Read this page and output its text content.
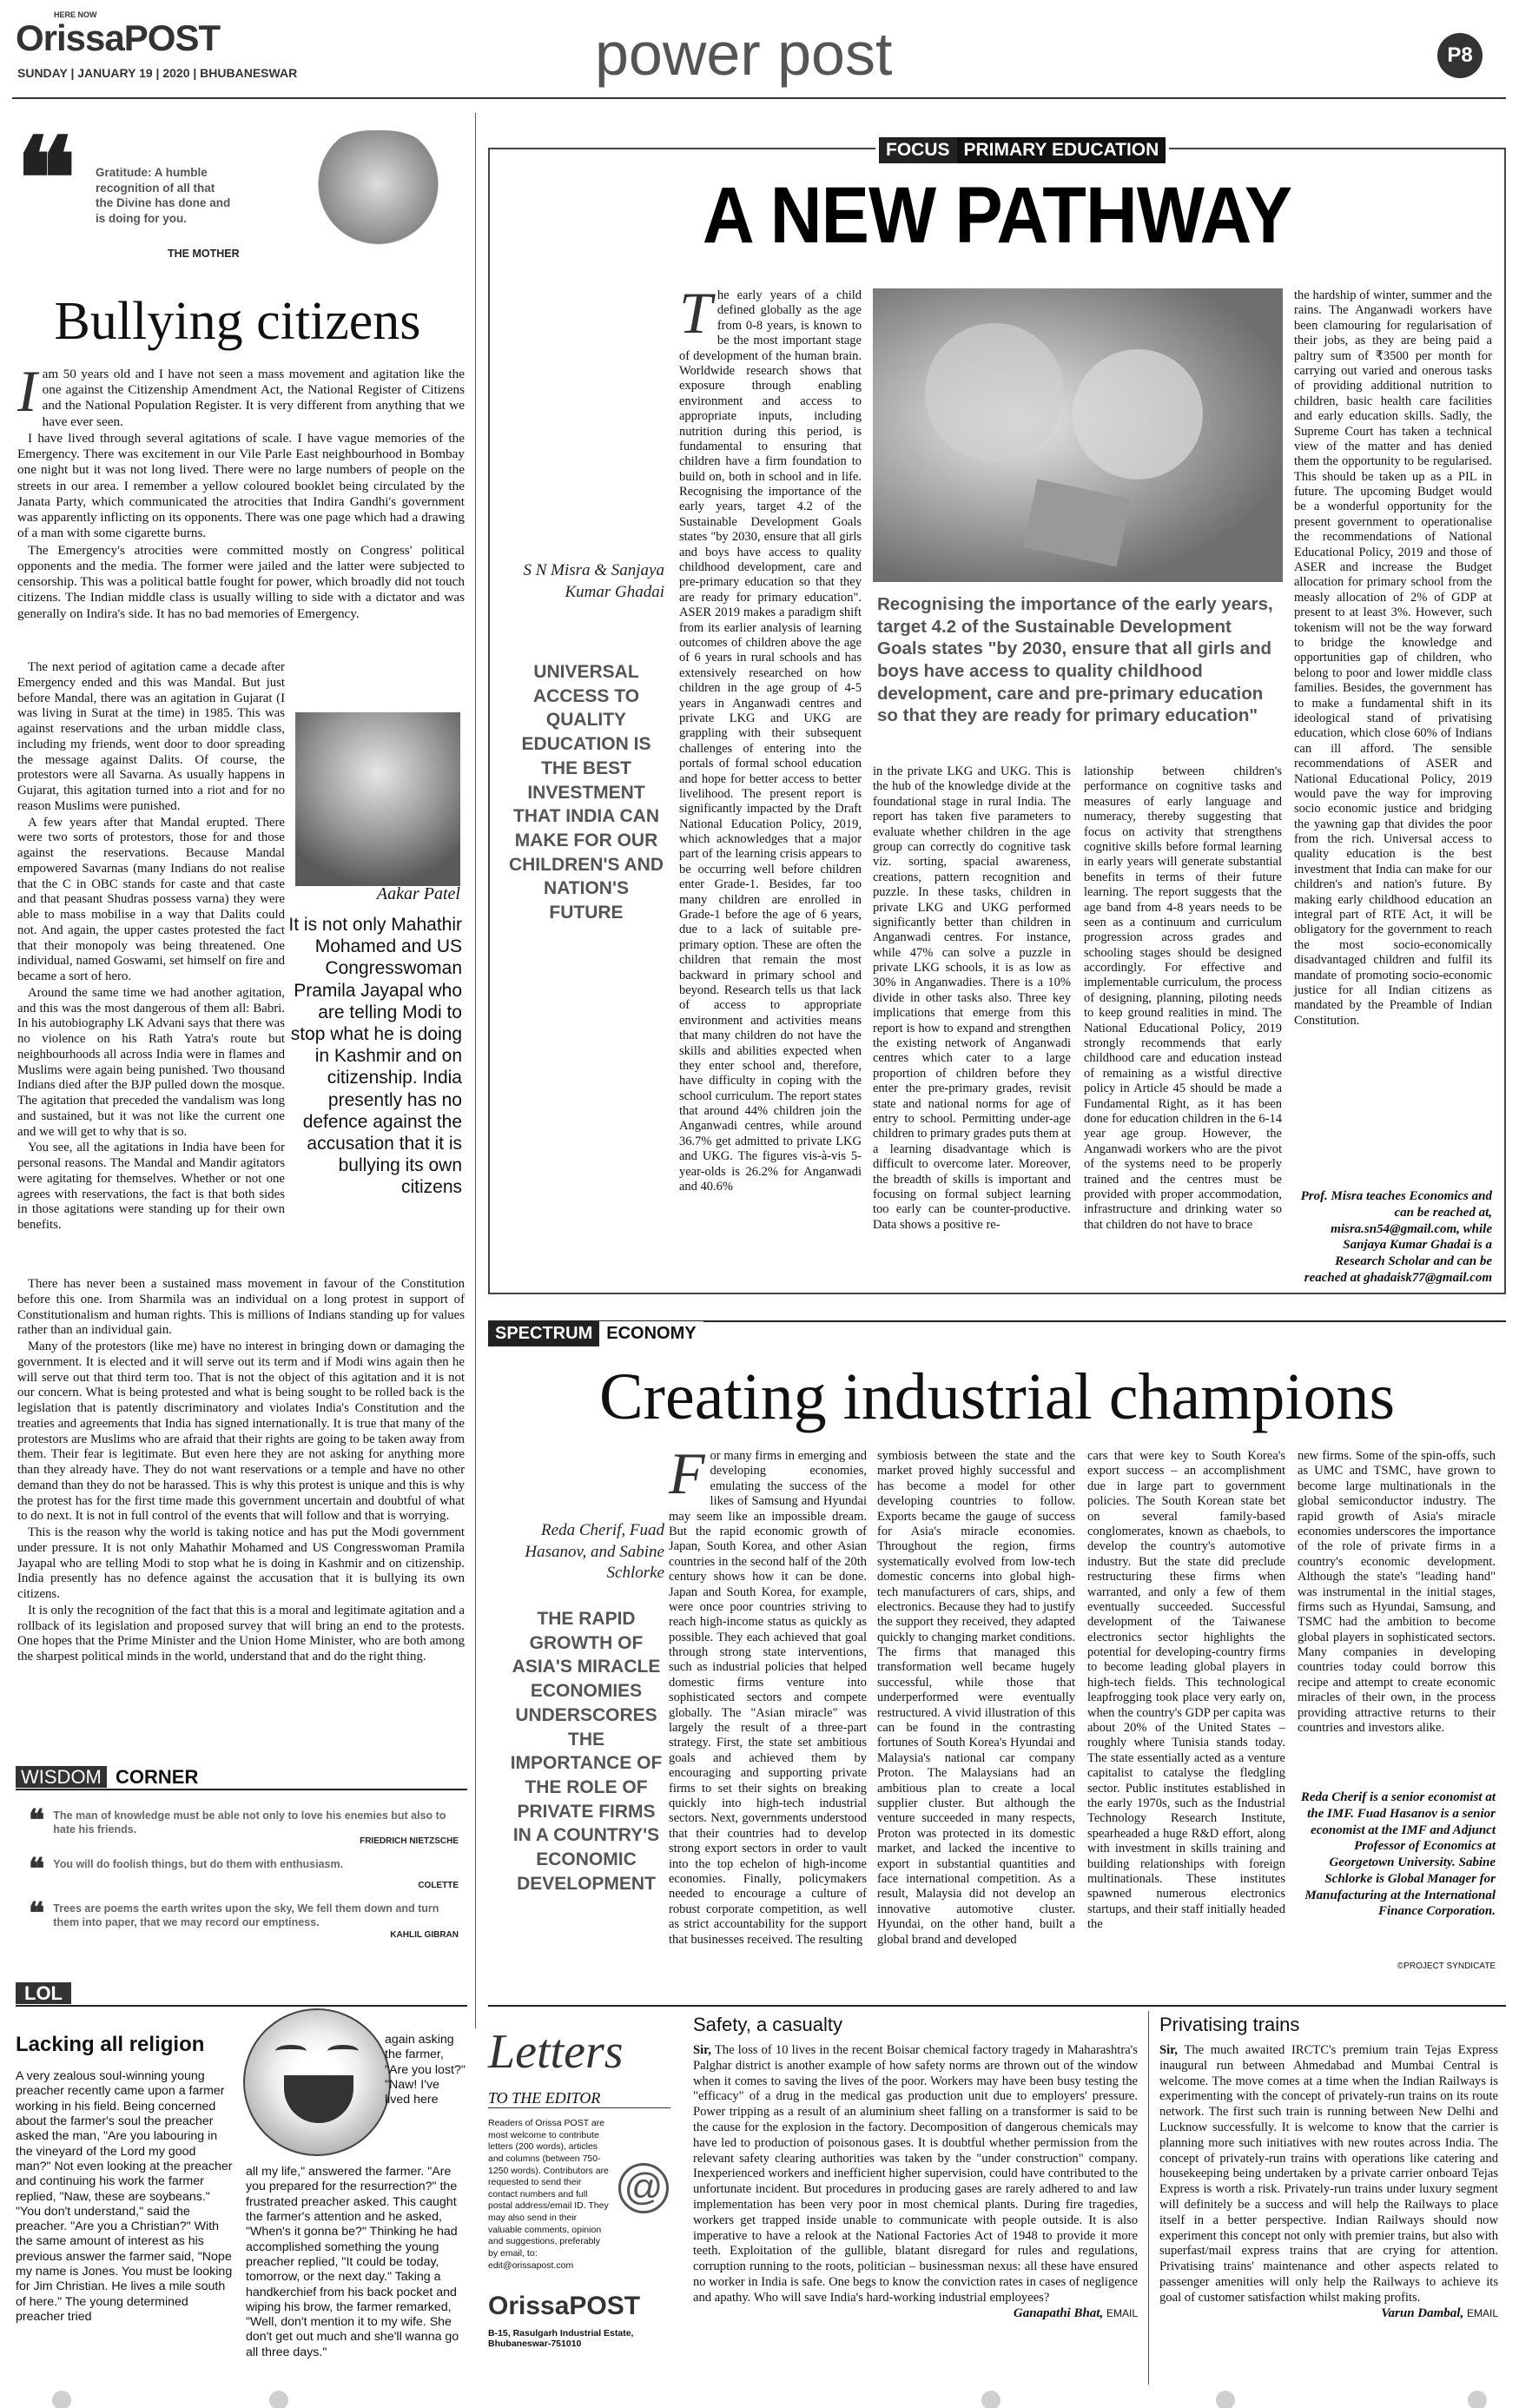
HERE NOW
OrissaPOST
SUNDAY | JANUARY 19 | 2020 | BHUBANESWAR	power post	P8
❝ Gratitude: A humble recognition of all that the Divine has done and is doing for you.
THE MOTHER
Bullying citizens

Iam 50 years old and I have not seen a mass movement and agitation like the one against the Citizenship Amendment Act, the National Register of Citizens and the National Population Register. It is very different from anything that we have ever seen.

I have lived through several agitations of scale. I have vague memories of the Emergency. There was excitement in our Vile Parle East neighbourhood in Bombay one night but it was not long lived. There were no large numbers of people on the streets in our area. I remember a yellow coloured booklet being circulated by the Janata Party, which communicated the atrocities that Indira Gandhi's government was apparently inflicting on its opponents. There was one page which had a drawing of a man with some cigarette burns.

The Emergency's atrocities were committed mostly on Congress' political opponents and the media. The former were jailed and the latter were subjected to censorship. This was a political battle fought for power, which broadly did not touch citizens. The Indian middle class is usually willing to side with a dictator and was generally on Indira's side. It has no bad memories of Emergency.

The next period of agitation came a decade after Emergency ended and this was Mandal. But just before Mandal, there was an agitation in Gujarat (I was living in Surat at the time) in 1985. This was against reservations and the urban middle class, including my friends, went door to door spreading the message against Dalits. Of course, the protestors were all Savarna. As usually happens in Gujarat, this agitation turned into a riot and for no reason Muslims were punished.

A few years after that Mandal erupted. There were two sorts of protestors, those for and those against the reservations. Because Mandal empowered Savarnas (many Indians do not realise that the C in OBC stands for caste and that caste and that peasant Shudras possess varna) they were able to mass mobilise in a way that Dalits could not. And again, the upper castes protested the fact that their monopoly was being threatened. One individual, named Goswami, set himself on fire and became a sort of hero.

Around the same time we had another agitation, and this was the most dangerous of them all: Babri. In his autobiography LK Advani says that there was no violence on his Rath Yatra's route but neighbourhoods all across India were in flames and Muslims were again being punished. Two thousand Indians died after the BJP pulled down the mosque. The agitation that preceded the vandalism was long and sustained, but it was not like the current one and we will get to why that is so.

You see, all the agitations in India have been for personal reasons. The Mandal and Mandir agitators were agitating for themselves. Whether or not one agrees with reservations, the fact is that both sides in those agitations were standing up for their own benefits.

Aakar Patel
It is not only Mahathir Mohamed and US Congresswoman Pramila Jayapal who are telling Modi to stop what he is doing in Kashmir and on citizenship. India presently has no defence against the accusation that it is bullying its own citizens

There has never been a sustained mass movement in favour of the Constitution before this one. Irom Sharmila was an individual on a long protest in support of Constitutionalism and human rights. This is millions of Indians standing up for values rather than an individual gain.

Many of the protestors (like me) have no interest in bringing down or damaging the government. It is elected and it will serve out its term and if Modi wins again then he will serve out that third term too. That is not the object of this agitation and it is not our concern. What is being protested and what is being sought to be rolled back is the legislation that is patently discriminatory and violates India's Constitution and the treaties and agreements that India has signed internationally. It is true that many of the protestors are Muslims who are afraid that their rights are going to be taken away from them. Their fear is legitimate. But even here they are not asking for anything more than they already have. They do not want reservations or a temple and have no other demand than they do not be harassed. This is why this protest is unique and this is why the protest has for the first time made this government uncertain and doubtful of what to do next. It is not in full control of the events that will follow and that is worrying.

This is the reason why the world is taking notice and has put the Modi government under pressure. It is not only Mahathir Mohamed and US Congresswoman Pramila Jayapal who are telling Modi to stop what he is doing in Kashmir and on citizenship. India presently has no defence against the accusation that it is bullying its own citizens.

It is only the recognition of the fact that this is a moral and legitimate agitation and a rollback of its legislation and proposed survey that will bring an end to the protests. One hopes that the Prime Minister and the Union Home Minister, who are both among the sharpest political minds in the world, understand that and do the right thing.

WISDOM CORNER
❝ The man of knowledge must be able not only to love his enemies but also to hate his friends.
FRIEDRICH NIETZSCHE
❝ You will do foolish things, but do them with enthusiasm.
COLETTE
❝ Trees are poems the earth writes upon the sky, We fell them down and turn them into paper, that we may record our emptiness.
KAHLIL GIBRAN
LOL
Lacking all religion
A very zealous soul-winning young preacher recently came upon a farmer working in his field. Being concerned about the farmer's soul the preacher asked the man, "Are you labouring in the vineyard of the Lord my good man?" Not even looking at the preacher and continuing his work the farmer replied, "Naw, these are soybeans." "You don't understand," said the preacher. "Are you a Christian?" With the same amount of interest as his previous answer the farmer said, "Nope my name is Jones. You must be looking for Jim Christian. He lives a mile south of here." The young determined preacher tried
again asking the farmer, "Are you lost?" "Naw! I've lived here
all my life," answered the farmer. "Are you prepared for the resurrection?" the frustrated preacher asked. This caught the farmer's attention and he asked, "When's it gonna be?" Thinking he had accomplished something the young preacher replied, "It could be today, tomorrow, or the next day." Taking a handkerchief from his back pocket and wiping his brow, the farmer remarked, "Well, don't mention it to my wife. She don't get out much and she'll wanna go all three days."
FOCUS PRIMARY EDUCATION
A NEW PATHWAY
S N Misra & Sanjaya Kumar Ghadai
UNIVERSAL ACCESS TO QUALITY EDUCATION IS THE BEST INVESTMENT THAT INDIA CAN MAKE FOR OUR CHILDREN'S AND NATION'S FUTURE

The early years of a child defined globally as the age from 0-8 years, is known to be the most important stage of development of the human brain. Worldwide research shows that exposure through enabling environment and access to appropriate inputs, including nutrition during this period, is fundamental to ensuring that children have a firm foundation to build on, both in school and in life. Recognising the importance of the early years, target 4.2 of the Sustainable Development Goals states "by 2030, ensure that all girls and boys have access to quality childhood development, care and pre-primary education so that they are ready for primary education". ASER 2019 makes a paradigm shift from its earlier analysis of learning outcomes of children above the age of 6 years in rural schools and has extensively researched on how children in the age group of 4-5 years in Anganwadi centres and private LKG and UKG are grappling with their subsequent challenges of entering into the portals of formal school education and hope for better access to better livelihood. The present report is significantly impacted by the Draft National Education Policy, 2019, which acknowledges that a major part of the learning crisis appears to be occurring well before children enter Grade-1. Besides, far too many children are enrolled in Grade-1 before the age of 6 years, due to a lack of suitable pre-primary option. These are often the children that remain the most backward in primary school and beyond. Research tells us that lack of access to appropriate environment and activities means that many children do not have the skills and abilities expected when they enter school and, therefore, have difficulty in coping with the school curriculum. The report states that around 44% children join the Anganwadi centres, while around 36.7% get admitted to private LKG and UKG. The figures vis-à-vis 5-year-olds is 26.2% for Anganwadi and 40.6%

Recognising the importance of the early years, target 4.2 of the Sustainable Development Goals states "by 2030, ensure that all girls and boys have access to quality childhood development, care and pre-primary education so that they are ready for primary education"
in the private LKG and UKG. This is the hub of the knowledge divide at the foundational stage in rural India. The report has taken five parameters to evaluate whether children in the age group can correctly do cognitive task viz. sorting, spacial awareness, creations, pattern recognition and puzzle. In these tasks, children in private LKG and UKG performed significantly better than children in Anganwadi centres. For instance, while 47% can solve a puzzle in private LKG schools, it is as low as 30% in Anganwadies. There is a 10% divide in other tasks also. Three key implications that emerge from this report is how to expand and strengthen the existing network of Anganwadi centres which cater to a large proportion of children before they enter the pre-primary grades, revisit state and national norms for age of entry to school. Permitting under-age children to primary grades puts them at a learning disadvantage which is difficult to overcome later. Moreover, the breadth of skills is important and focusing on formal subject learning too early can be counter-productive. Data shows a positive re-
lationship between children's performance on cognitive tasks and measures of early language and numeracy, thereby suggesting that focus on activity that strengthens cognitive skills before formal learning in early years will generate substantial benefits in terms of their future learning. The report suggests that the age band from 4-8 years needs to be seen as a continuum and curriculum progression across grades and schooling stages should be designed accordingly. For effective and implementable curriculum, the process of designing, planning, piloting needs to keep ground realities in mind. The National Educational Policy, 2019 strongly recommends that early childhood care and education instead of remaining as a wistful directive policy in Article 45 should be made a Fundamental Right, as it has been done for education children in the 6-14 year age group. However, the Anganwadi workers who are the pivot of the systems need to be properly trained and the centres must be provided with proper accommodation, infrastructure and drinking water so that children do not have to brace
the hardship of winter, summer and the rains. The Anganwadi workers have been clamouring for regularisation of their jobs, as they are being paid a paltry sum of ₹3500 per month for carrying out varied and onerous tasks of providing additional nutrition to children, basic health care facilities and early education skills. Sadly, the Supreme Court has taken a technical view of the matter and has denied them the opportunity to be regularised. This should be taken up as a PIL in future. The upcoming Budget would be a wonderful opportunity for the present government to operationalise the recommendations of National Educational Policy, 2019 and those of ASER and increase the Budget allocation for primary school from the measly allocation of 2% of GDP at present to at least 3%. However, such tokenism will not be the way forward to bridge the knowledge and opportunities gap of children, who belong to poor and lower middle class families. Besides, the government has to make a fundamental shift in its ideological stand of privatising education, which close 60% of Indians can ill afford. The sensible recommendations of ASER and National Educational Policy, 2019 would pave the way for improving socio economic justice and bridging the yawning gap that divides the poor from the rich. Universal access to quality education is the best investment that India can make for our children's and nation's future. By making early childhood education an integral part of RTE Act, it will be obligatory for the government to reach the most socio-economically disadvantaged children and fulfil its mandate of promoting socio-economic justice for all Indian citizens as mandated by the Preamble of Indian Constitution.
Prof. Misra teaches Economics and can be reached at, misra.sn54@gmail.com, while Sanjaya Kumar Ghadai is a Research Scholar and can be reached at ghadaisk77@gmail.com
SPECTRUM ECONOMY
Creating industrial champions
Reda Cherif, Fuad Hasanov, and Sabine Schlorke
THE RAPID GROWTH OF ASIA'S MIRACLE ECONOMIES UNDERSCORES THE IMPORTANCE OF THE ROLE OF PRIVATE FIRMS IN A COUNTRY'S ECONOMIC DEVELOPMENT

For many firms in emerging and developing economies, emulating the success of the likes of Samsung and Hyundai may seem like an impossible dream. But the rapid economic growth of Japan, South Korea, and other Asian countries in the second half of the 20th century shows how it can be done. Japan and South Korea, for example, were once poor countries striving to reach high-income status as quickly as possible. They each achieved that goal through strong state interventions, such as industrial policies that helped domestic firms venture into sophisticated sectors and compete globally. The "Asian miracle" was largely the result of a three-part strategy. First, the state set ambitious goals and achieved them by encouraging and supporting private firms to set their sights on breaking quickly into high-tech industrial sectors. Next, governments understood that their countries had to develop strong export sectors in order to vault into the top echelon of high-income economies. Finally, policymakers needed to encourage a culture of robust corporate competition, as well as strict accountability for the support that businesses received. The resulting

symbiosis between the state and the market proved highly successful and has become a model for other developing countries to follow. Exports became the gauge of success for Asia's miracle economies. Throughout the region, firms systematically evolved from low-tech domestic concerns into global high-tech manufacturers of cars, ships, and electronics. Because they had to justify the support they received, they adapted quickly to changing market conditions. The firms that managed this transformation well became hugely successful, while those that underperformed were eventually restructured. A vivid illustration of this can be found in the contrasting fortunes of South Korea's Hyundai and Malaysia's national car company Proton. The Malaysians had an ambitious plan to create a local supplier cluster. But although the venture succeeded in many respects, Proton was protected in its domestic market, and lacked the incentive to export in substantial quantities and face international competition. As a result, Malaysia did not develop an innovative automotive cluster. Hyundai, on the other hand, built a global brand and developed
cars that were key to South Korea's export success – an accomplishment due in large part to government policies. The South Korean state bet on several family-based conglomerates, known as chaebols, to develop the country's automotive industry. But the state did preclude restructuring these firms when warranted, and only a few of them eventually succeeded. Successful development of the Taiwanese electronics sector highlights the potential for developing-country firms to become leading global players in high-tech fields. This technological leapfrogging took place very early on, when the country's GDP per capita was about 20% of the United States – roughly where Tunisia stands today. The state essentially acted as a venture capitalist to catalyse the fledgling sector. Public institutes established in the early 1970s, such as the Industrial Technology Research Institute, spearheaded a huge R&D effort, along with investment in skills training and building relationships with foreign multinationals. These institutes spawned numerous electronics startups, and their staff initially headed the
new firms. Some of the spin-offs, such as UMC and TSMC, have grown to become large multinationals in the global semiconductor industry. The rapid growth of Asia's miracle economies underscores the importance of the role of private firms in a country's economic development. Although the state's "leading hand" was instrumental in the initial stages, firms such as Hyundai, Samsung, and TSMC had the ambition to become global players in sophisticated sectors. Many companies in developing countries today could borrow this recipe and attempt to create economic miracles of their own, in the process providing attractive returns to their countries and investors alike.
Reda Cherif is a senior economist at the IMF. Fuad Hasanov is a senior economist at the IMF and Adjunct Professor of Economics at Georgetown University. Sabine Schlorke is Global Manager for Manufacturing at the International Finance Corporation.
©PROJECT SYNDICATE
Letters
TO THE EDITOR
Readers of Orissa POST are most welcome to contribute letters (200 words), articles and columns (between 750-1250 words). Contributors are requested to send their contact numbers and full postal address/email ID. They may also send in their valuable comments, opinion and suggestions, preferably by email, to: edit@orissapost.com
@
OrissaPOST
B-15, Rasulgarh Industrial Estate, Bhubaneswar-751010
Safety, a casualty
Sir, The loss of 10 lives in the recent Boisar chemical factory tragedy in Maharashtra's Palghar district is another example of how safety norms are thrown out of the window when it comes to saving the lives of the poor. Workers may have been busy testing the "efficacy" of a drug in the medical gas production unit due to employers' pressure. Power tripping as a result of an aluminium sheet falling on a transformer is said to be the cause for the explosion in the factory. Decomposition of dangerous chemicals may have led to production of poisonous gases. It is doubtful whether permission from the relevant safety clearing authorities was taken by the "under construction" company. Inexperienced workers and inefficient higher supervision, could have contributed to the unfortunate incident. But procedures in producing gases are rarely adhered to and law implementation has been very poor in most chemical plants. During fire tragedies, workers get trapped inside unable to communicate with people outside. It is also imperative to have a relook at the National Factories Act of 1948 to provide it more teeth. Exploitation of the gullible, blatant disregard for rules and regulations, corruption running to the roots, politician – businessman nexus: all these have ensured no worker in India is safe. One begs to know the conviction rates in cases of negligence and apathy. Who will save India's hard-working industrial employees?
Ganapathi Bhat, EMAIL
Privatising trains
Sir, The much awaited IRCTC's premium train Tejas Express inaugural run between Ahmedabad and Mumbai Central is welcome. The move comes at a time when the Indian Railways is experimenting with the concept of privately-run trains on its route network. The first such train is running between New Delhi and Lucknow successfully. It is welcome to know that the carrier is planning more such initiatives with new routes across India. The concept of privately-run trains with operations like catering and housekeeping being undertaken by a private carrier onboard Tejas Express is worth a risk. Privately-run trains under luxury segment will definitely be a success and will help the Railways to place itself in a better perspective. Indian Railways should now experiment this concept not only with premier trains, but also with superfast/mail express trains that are crying for attention. Privatising trains' maintenance and other aspects related to passenger amenities will only help the Railways to achieve its goal of customer satisfaction whilst making profits.
Varun Dambal, EMAIL
